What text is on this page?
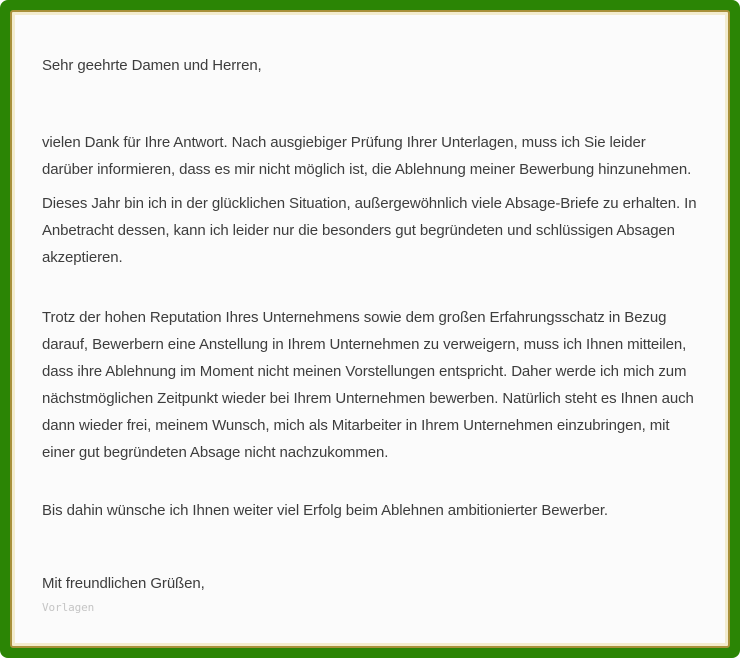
Sehr geehrte Damen und Herren,

vielen Dank für Ihre Antwort. Nach ausgiebiger Prüfung Ihrer Unterlagen, muss ich Sie leider darüber informieren, dass es mir nicht möglich ist, die Ablehnung meiner Bewerbung hinzunehmen.

Dieses Jahr bin ich in der glücklichen Situation, außergewöhnlich viele Absage-Briefe zu erhalten. In Anbetracht dessen, kann ich leider nur die besonders gut begründeten und schlüssigen Absagen akzeptieren.

Trotz der hohen Reputation Ihres Unternehmens sowie dem großen Erfahrungsschatz in Bezug darauf, Bewerbern eine Anstellung in Ihrem Unternehmen zu verweigern, muss ich Ihnen mitteilen, dass ihre Ablehnung im Moment nicht meinen Vorstellungen entspricht. Daher werde ich mich zum nächstmöglichen Zeitpunkt wieder bei Ihrem Unternehmen bewerben. Natürlich steht es Ihnen auch dann wieder frei, meinem Wunsch, mich als Mitarbeiter in Ihrem Unternehmen einzubringen, mit einer gut begründeten Absage nicht nachzukommen.

Bis dahin wünsche ich Ihnen weiter viel Erfolg beim Ablehnen ambitionierter Bewerber.

Mit freundlichen Grüßen,

Vorlagen
